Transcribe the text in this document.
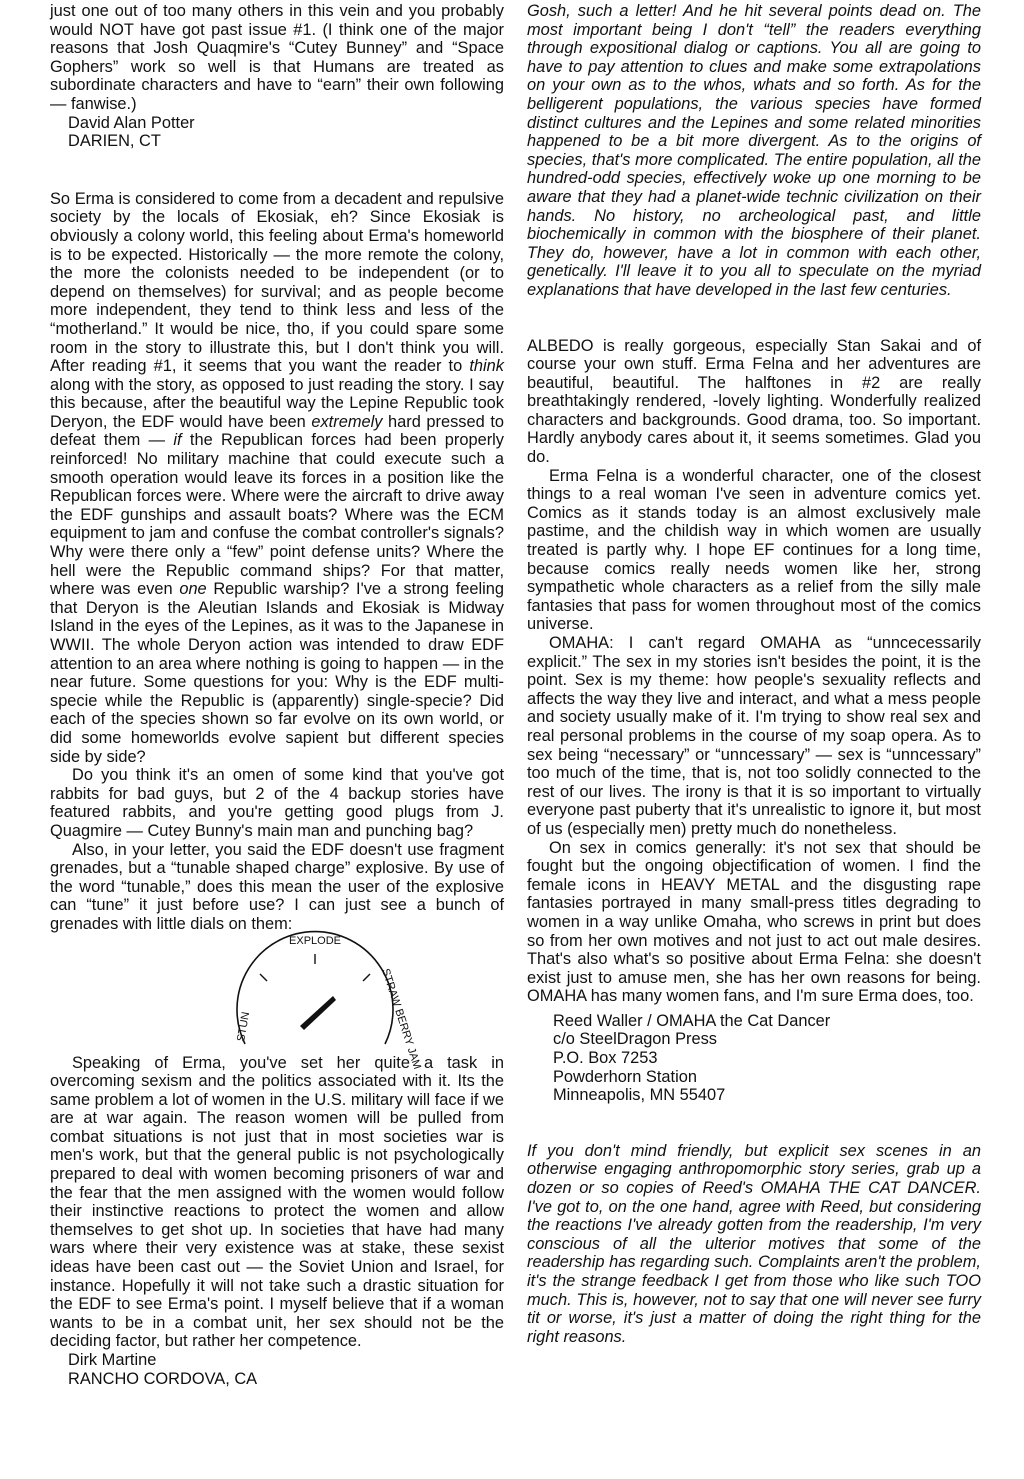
just one out of too many others in this vein and you probably would NOT have got past issue #1. (I think one of the major reasons that Josh Quaqmire's “Cutey Bunney” and “Space Gophers” work so well is that Humans are treated as subordinate characters and have to “earn” their own following — fanwise.)

David Alan Potter

DARIEN, CT

So Erma is considered to come from a decadent and repulsive society by the locals of Ekosiak, eh? Since Ekosiak is obviously a colony world, this feeling about Erma's homeworld is to be expected. Historically — the more remote the colony, the more the colonists needed to be independent (or to depend on themselves) for survival; and as people become more independent, they tend to think less and less of the “motherland.” It would be nice, tho, if you could spare some room in the story to illustrate this, but I don't think you will. After reading #1, it seems that you want the reader to think along with the story, as opposed to just reading the story. I say this because, after the beautiful way the Lepine Republic took Deryon, the EDF would have been extremely hard pressed to defeat them — if the Republican forces had been properly reinforced! No military machine that could execute such a smooth operation would leave its forces in a position like the Republican forces were. Where were the aircraft to drive away the EDF gunships and assault boats? Where was the ECM equipment to jam and confuse the combat controller's signals? Why were there only a “few” point defense units? Where the hell were the Republic command ships? For that matter, where was even one Republic warship? I've a strong feeling that Deryon is the Aleutian Islands and Ekosiak is Midway Island in the eyes of the Lepines, as it was to the Japanese in WWII. The whole Deryon action was intended to draw EDF attention to an area where nothing is going to happen — in the near future. Some questions for you: Why is the EDF multi-specie while the Republic is (apparently) single-specie? Did each of the species shown so far evolve on its own world, or did some homeworlds evolve sapient but different species side by side?

Do you think it's an omen of some kind that you've got rabbits for bad guys, but 2 of the 4 backup stories have featured rabbits, and you're getting good plugs from J. Quagmire — Cutey Bunny's main man and punching bag?

Also, in your letter, you said the EDF doesn't use fragment grenades, but a “tunable shaped charge” explosive. By use of the word “tunable,” does this mean the user of the explosive can “tune” it just before use? I can just see a bunch of grenades with little dials on them:

EXPLODE
STUN	STRAW BERRY JAM

Speaking of Erma, you've set her quite a task in overcoming sexism and the politics associated with it. Its the same problem a lot of women in the U.S. military will face if we are at war again. The reason women will be pulled from combat situations is not just that in most societies war is men's work, but that the general public is not psychologically prepared to deal with women becoming prisoners of war and the fear that the men assigned with the women would follow their instinctive reactions to protect the women and allow themselves to get shot up. In societies that have had many wars where their very existence was at stake, these sexist ideas have been cast out — the Soviet Union and Israel, for instance. Hopefully it will not take such a drastic situation for the EDF to see Erma's point. I myself believe that if a woman wants to be in a combat unit, her sex should not be the deciding factor, but rather her competence.

Dirk Martine

RANCHO CORDOVA, CA

Gosh, such a letter! And he hit several points dead on. The most important being I don't “tell” the readers everything through expositional dialog or captions. You all are going to have to pay attention to clues and make some extrapolations on your own as to the whos, whats and so forth. As for the belligerent populations, the various species have formed distinct cultures and the Lepines and some related minorities happened to be a bit more divergent. As to the origins of species, that's more complicated. The entire population, all the hundred-odd species, effectively woke up one morning to be aware that they had a planet-wide technic civilization on their hands. No history, no archeological past, and little biochemically in common with the biosphere of their planet. They do, however, have a lot in common with each other, genetically. I'll leave it to you all to speculate on the myriad explanations that have developed in the last few centuries.

ALBEDO is really gorgeous, especially Stan Sakai and of course your own stuff. Erma Felna and her adventures are beautiful, beautiful. The halftones in #2 are really breathtakingly rendered, -lovely lighting. Wonderfully realized characters and backgrounds. Good drama, too. So important. Hardly anybody cares about it, it seems sometimes. Glad you do.

Erma Felna is a wonderful character, one of the closest things to a real woman I've seen in adventure comics yet. Comics as it stands today is an almost exclusively male pastime, and the childish way in which women are usually treated is partly why. I hope EF continues for a long time, because comics really needs women like her, strong sympathetic whole characters as a relief from the silly male fantasies that pass for women throughout most of the comics universe.

OMAHA: I can't regard OMAHA as “unncecessarily explicit.” The sex in my stories isn't besides the point, it is the point. Sex is my theme: how people's sexuality reflects and affects the way they live and interact, and what a mess people and society usually make of it. I'm trying to show real sex and real personal problems in the course of my soap opera. As to sex being “necessary” or “unncessary” — sex is “unncessary” too much of the time, that is, not too solidly connected to the rest of our lives. The irony is that it is so important to virtually everyone past puberty that it's unrealistic to ignore it, but most of us (especially men) pretty much do nonetheless.

On sex in comics generally: it's not sex that should be fought but the ongoing objectification of women. I find the female icons in HEAVY METAL and the disgusting rape fantasies portrayed in many small-press titles degrading to women in a way unlike Omaha, who screws in print but does so from her own motives and not just to act out male desires. That's also what's so positive about Erma Felna: she doesn't exist just to amuse men, she has her own reasons for being. OMAHA has many women fans, and I'm sure Erma does, too.

Reed Waller / OMAHA the Cat Dancer

c/o SteelDragon Press

P.O. Box 7253

Powderhorn Station

Minneapolis, MN 55407

If you don't mind friendly, but explicit sex scenes in an otherwise engaging anthropomorphic story series, grab up a dozen or so copies of Reed's OMAHA THE CAT DANCER. I've got to, on the one hand, agree with Reed, but considering the reactions I've already gotten from the readership, I'm very conscious of all the ulterior motives that some of the readership has regarding such. Complaints aren't the problem, it's the strange feedback I get from those who like such TOO much. This is, however, not to say that one will never see furry tit or worse, it's just a matter of doing the right thing for the right reasons.
